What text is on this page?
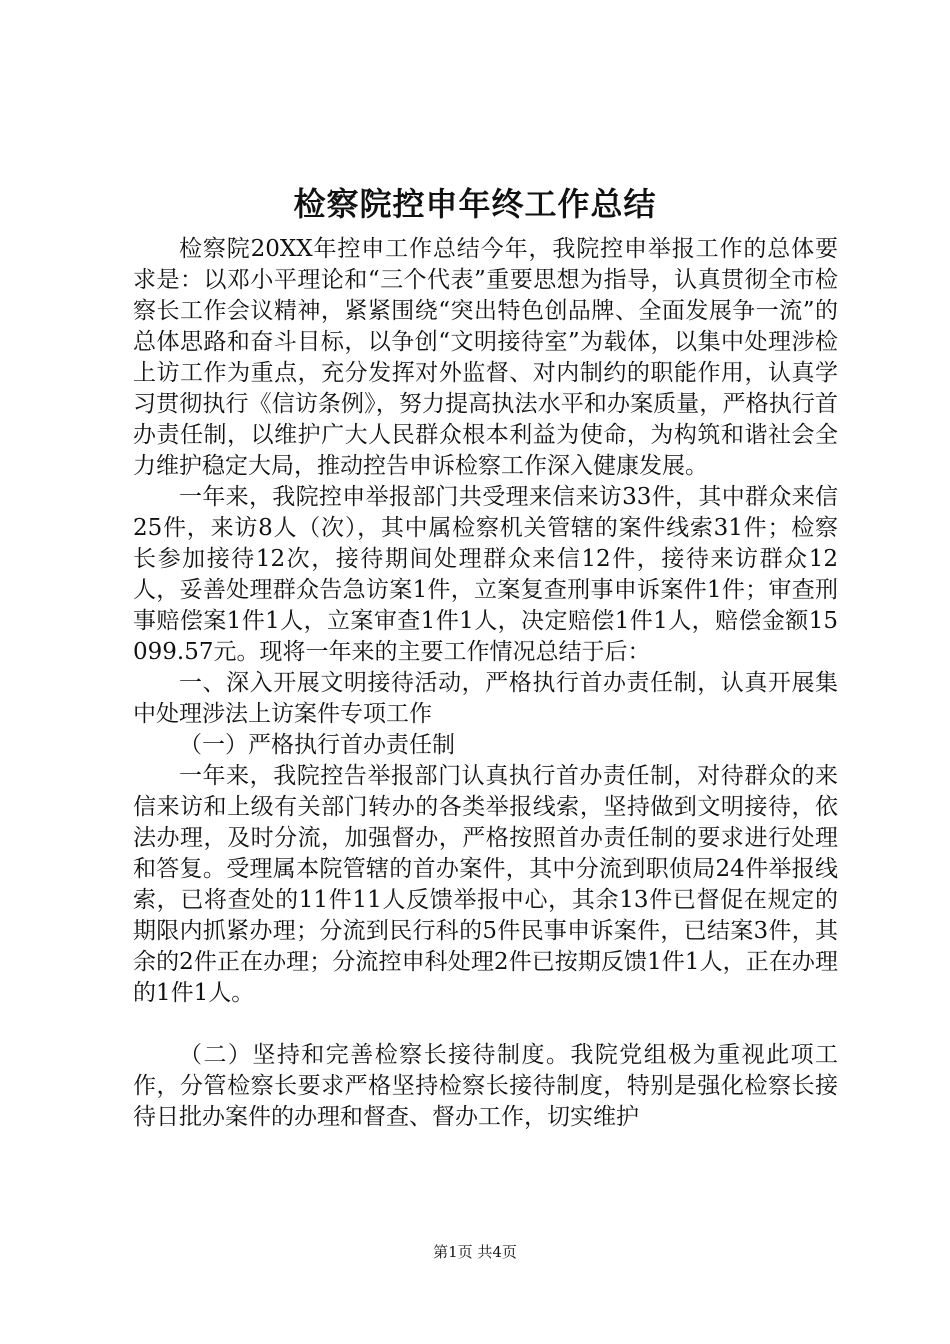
检察院控申年终工作总结

检察院20XX年控申工作总结今年，我院控申举报工作的总体要求是：以邓小平理论和“三个代表”重要思想为指导，认真贯彻全市检察长工作会议精神，紧紧围绕“突出特色创品牌、全面发展争一流”的总体思路和奋斗目标，以争创“文明接待室”为载体，以集中处理涉检上访工作为重点，充分发挥对外监督、对内制约的职能作用，认真学习贯彻执行《信访条例》，努力提高执法水平和办案质量，严格执行首办责任制，以维护广大人民群众根本利益为使命，为构筑和谐社会全力维护稳定大局，推动控告申诉检察工作深入健康发展。

一年来，我院控申举报部门共受理来信来访33件，其中群众来信25件，来访8人（次），其中属检察机关管辖的案件线索31件；检察长参加接待12次，接待期间处理群众来信12件，接待来访群众12人，妥善处理群众告急访案1件，立案复查刑事申诉案件1件；审查刑事赔偿案1件1人，立案审查1件1人，决定赔偿1件1人，赔偿金额15099.57元。现将一年来的主要工作情况总结于后：

一、深入开展文明接待活动，严格执行首办责任制，认真开展集中处理涉法上访案件专项工作

（一）严格执行首办责任制

一年来，我院控告举报部门认真执行首办责任制，对待群众的来信来访和上级有关部门转办的各类举报线索，坚持做到文明接待，依法办理，及时分流，加强督办，严格按照首办责任制的要求进行处理和答复。受理属本院管辖的首办案件，其中分流到职侦局24件举报线索，已将查处的11件11人反馈举报中心，其余13件已督促在规定的期限内抓紧办理；分流到民行科的5件民事申诉案件，已结案3件，其余的2件正在办理；分流控申科处理2件已按期反馈1件1人，正在办理的1件1人。

（二）坚持和完善检察长接待制度。我院党组极为重视此项工作，分管检察长要求严格坚持检察长接待制度，特别是强化检察长接待日批办案件的办理和督查、督办工作，切实维护

第1页 共4页
